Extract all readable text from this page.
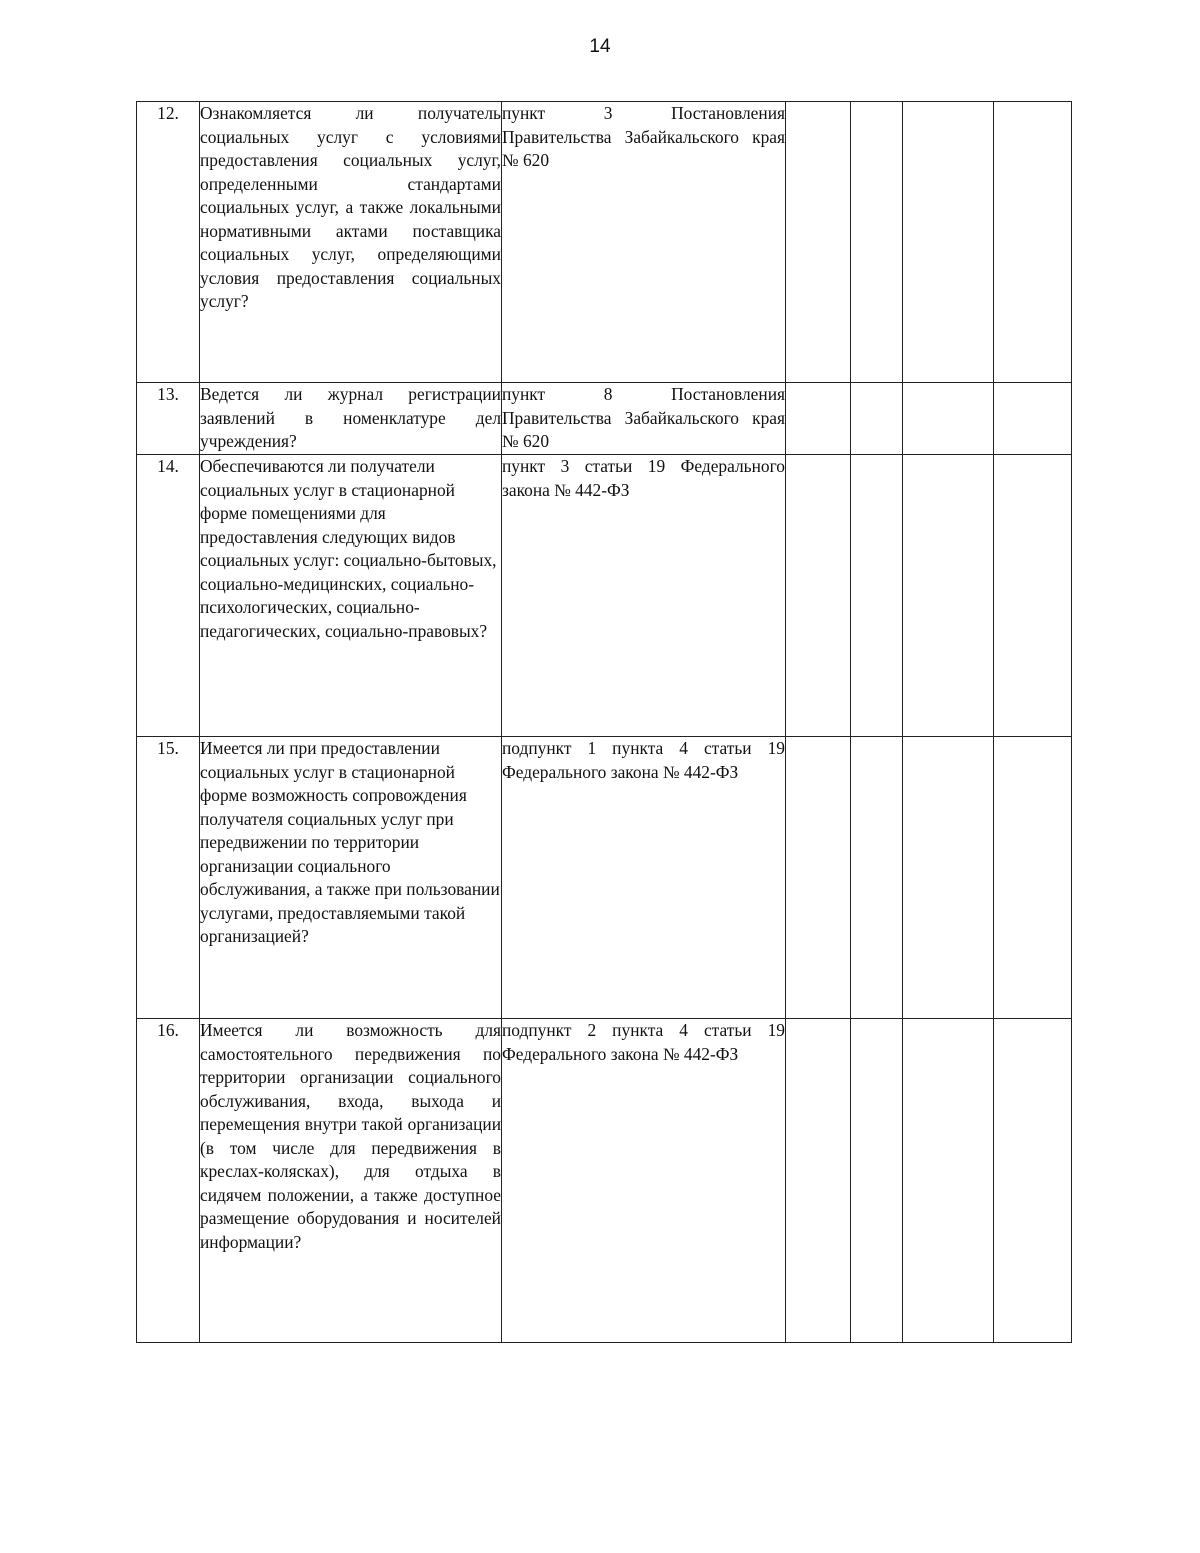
14
12.	Ознакомляется ли получатель социальных услуг с условиями предоставления социальных услуг, определенными стандартами социальных услуг, а также локальными нормативными актами поставщика социальных услуг, определяющими условия предоставления социальных услуг?	пункт 3 Постановления Правительства Забайкальского края № 620				
13.	Ведется ли журнал регистрации заявлений в номенклатуре дел учреждения?	пункт 8 Постановления Правительства Забайкальского края № 620				
14.	Обеспечиваются ли получатели социальных услуг в стационарной форме помещениями для предоставления следующих видов социальных услуг: социально-бытовых, социально-медицинских, социально-психологических, социально-педагогических, социально-правовых?	пункт 3 статьи 19 Федерального закона № 442-ФЗ				
15.	Имеется ли при предоставлении социальных услуг в стационарной форме возможность сопровождения получателя социальных услуг при передвижении по территории организации социального обслуживания, а также при пользовании услугами, предоставляемыми такой организацией?	подпункт 1 пункта 4 статьи 19 Федерального закона № 442-ФЗ				
16.	Имеется ли возможность для самостоятельного передвижения по территории организации социального обслуживания, входа, выхода и перемещения внутри такой организации (в том числе для передвижения в креслах-колясках), для отдыха в сидячем положении, а также доступное размещение оборудования и носителей информации?	подпункт 2 пункта 4 статьи 19 Федерального закона № 442-ФЗ				
